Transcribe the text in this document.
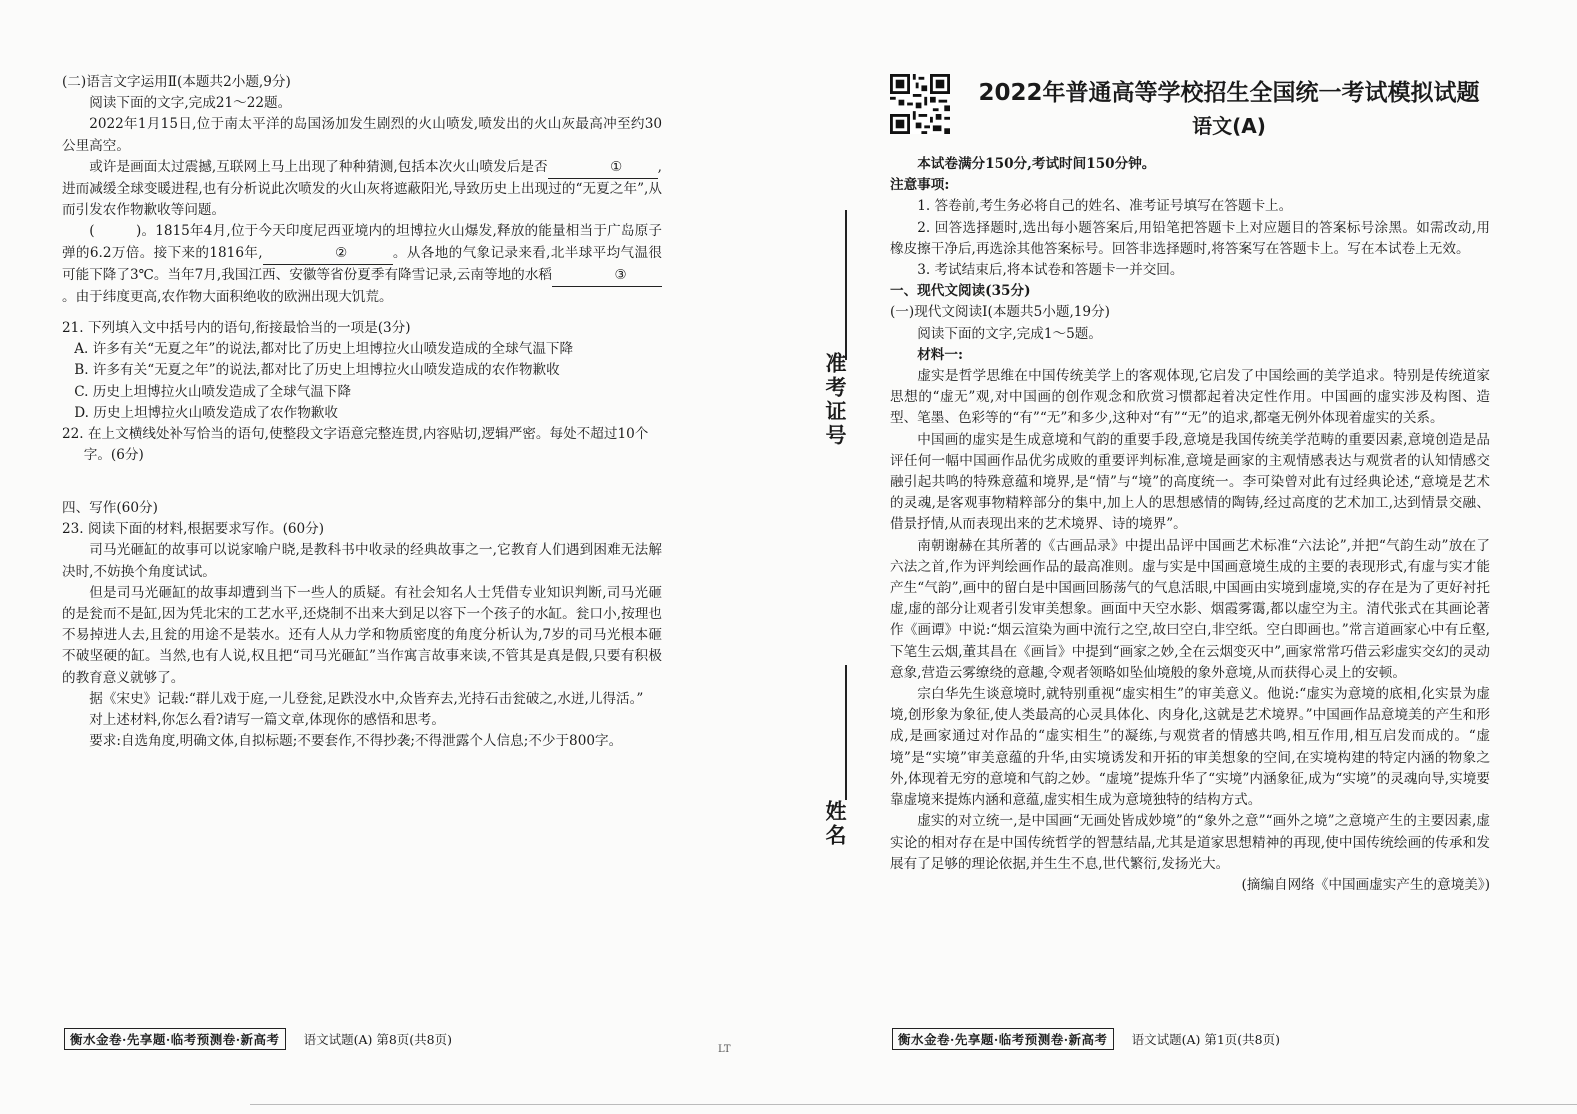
(二)语言文字运用Ⅱ(本题共2小题,9分)

阅读下面的文字,完成21～22题。

2022年1月15日,位于南太平洋的岛国汤加发生剧烈的火山喷发,喷发出的火山灰最高冲至约30公里高空。

或许是画面太过震撼,互联网上马上出现了种种猜测,包括本次火山喷发后是否	①	,进而减缓全球变暖进程,也有分析说此次喷发的火山灰将遮蔽阳光,导致历史上出现过的“无夏之年”,从而引发农作物歉收等问题。

(　　　)。1815年4月,位于今天印度尼西亚境内的坦博拉火山爆发,释放的能量相当于广岛原子弹的6.2万倍。接下来的1816年,	②	。从各地的气象记录来看,北半球平均气温很可能下降了3℃。当年7月,我国江西、安徽等省份夏季有降雪记录,云南等地的水稻	③。由于纬度更高,农作物大面积绝收的欧洲出现大饥荒。

21. 下列填入文中括号内的语句,衔接最恰当的一项是(3分)

A. 许多有关“无夏之年”的说法,都对比了历史上坦博拉火山喷发造成的全球气温下降

B. 许多有关“无夏之年”的说法,都对比了历史上坦博拉火山喷发造成的农作物歉收

C. 历史上坦博拉火山喷发造成了全球气温下降

D. 历史上坦博拉火山喷发造成了农作物歉收

22. 在上文横线处补写恰当的语句,使整段文字语意完整连贯,内容贴切,逻辑严密。每处不超过10个字。(6分)

四、写作(60分)

23. 阅读下面的材料,根据要求写作。(60分)

司马光砸缸的故事可以说家喻户晓,是教科书中收录的经典故事之一,它教育人们遇到困难无法解决时,不妨换个角度试试。

但是司马光砸缸的故事却遭到当下一些人的质疑。有社会知名人士凭借专业知识判断,司马光砸的是瓮而不是缸,因为凭北宋的工艺水平,还烧制不出来大到足以容下一个孩子的水缸。瓮口小,按理也不易掉进人去,且瓮的用途不是装水。还有人从力学和物质密度的角度分析认为,7岁的司马光根本砸不破坚硬的缸。当然,也有人说,权且把“司马光砸缸”当作寓言故事来读,不管其是真是假,只要有积极的教育意义就够了。

据《宋史》记载:“群儿戏于庭,一儿登瓮,足跌没水中,众皆弃去,光持石击瓮破之,水迸,儿得活。”

对上述材料,你怎么看?请写一篇文章,体现你的感悟和思考。

要求:自选角度,明确文体,自拟标题;不要套作,不得抄袭;不得泄露个人信息;不少于800字。

衡水金卷·先享题·临考预测卷·新高考	语文试题(A) 第8页(共8页)
准考证号
姓名
LT
2022年普通高等学校招生全国统一考试模拟试题
语文(A)

本试卷满分150分,考试时间150分钟。

注意事项:

1. 答卷前,考生务必将自己的姓名、准考证号填写在答题卡上。

2. 回答选择题时,选出每小题答案后,用铅笔把答题卡上对应题目的答案标号涂黑。如需改动,用橡皮擦干净后,再选涂其他答案标号。回答非选择题时,将答案写在答题卡上。写在本试卷上无效。

3. 考试结束后,将本试卷和答题卡一并交回。

一、现代文阅读(35分)

(一)现代文阅读Ⅰ(本题共5小题,19分)

阅读下面的文字,完成1～5题。

材料一:

虚实是哲学思维在中国传统美学上的客观体现,它启发了中国绘画的美学追求。特别是传统道家思想的“虚无”观,对中国画的创作观念和欣赏习惯都起着决定性作用。中国画的虚实涉及构图、造型、笔墨、色彩等的“有”“无”和多少,这种对“有”“无”的追求,都毫无例外体现着虚实的关系。

中国画的虚实是生成意境和气韵的重要手段,意境是我国传统美学范畴的重要因素,意境创造是品评任何一幅中国画作品优劣成败的重要评判标准,意境是画家的主观情感表达与观赏者的认知情感交融引起共鸣的特殊意蕴和境界,是“情”与“境”的高度统一。李可染曾对此有过经典论述,“意境是艺术的灵魂,是客观事物精粹部分的集中,加上人的思想感情的陶铸,经过高度的艺术加工,达到情景交融、借景抒情,从而表现出来的艺术境界、诗的境界”。

南朝谢赫在其所著的《古画品录》中提出品评中国画艺术标准“六法论”,并把“气韵生动”放在了六法之首,作为评判绘画作品的最高准则。虚与实是中国画意境生成的主要的表现形式,有虚与实才能产生“气韵”,画中的留白是中国画回肠荡气的气息活眼,中国画由实境到虚境,实的存在是为了更好衬托虚,虚的部分让观者引发审美想象。画面中天空水影、烟霞雾霭,都以虚空为主。清代张式在其画论著作《画谭》中说:“烟云渲染为画中流行之空,故曰空白,非空纸。空白即画也。”常言道画家心中有丘壑,下笔生云烟,董其昌在《画旨》中提到“画家之妙,全在云烟变灭中”,画家常常巧借云彩虚实交幻的灵动意象,营造云雾缭绕的意趣,令观者领略如坠仙境般的象外意境,从而获得心灵上的安顿。

宗白华先生谈意境时,就特别重视“虚实相生”的审美意义。他说:“虚实为意境的底相,化实景为虚境,创形象为象征,使人类最高的心灵具体化、肉身化,这就是艺术境界。”中国画作品意境美的产生和形成,是画家通过对作品的“虚实相生”的凝练,与观赏者的情感共鸣,相互作用,相互启发而成的。“虚境”是“实境”审美意蕴的升华,由实境诱发和开拓的审美想象的空间,在实境构建的特定内涵的物象之外,体现着无穷的意境和气韵之妙。“虚境”提炼升华了“实境”内涵象征,成为“实境”的灵魂向导,实境要靠虚境来提炼内涵和意蕴,虚实相生成为意境独特的结构方式。

虚实的对立统一,是中国画“无画处皆成妙境”的“象外之意”“画外之境”之意境产生的主要因素,虚实论的相对存在是中国传统哲学的智慧结晶,尤其是道家思想精神的再现,使中国传统绘画的传承和发展有了足够的理论依据,并生生不息,世代繁衍,发扬光大。

(摘编自网络《中国画虚实产生的意境美》)

衡水金卷·先享题·临考预测卷·新高考	语文试题(A) 第1页(共8页)
